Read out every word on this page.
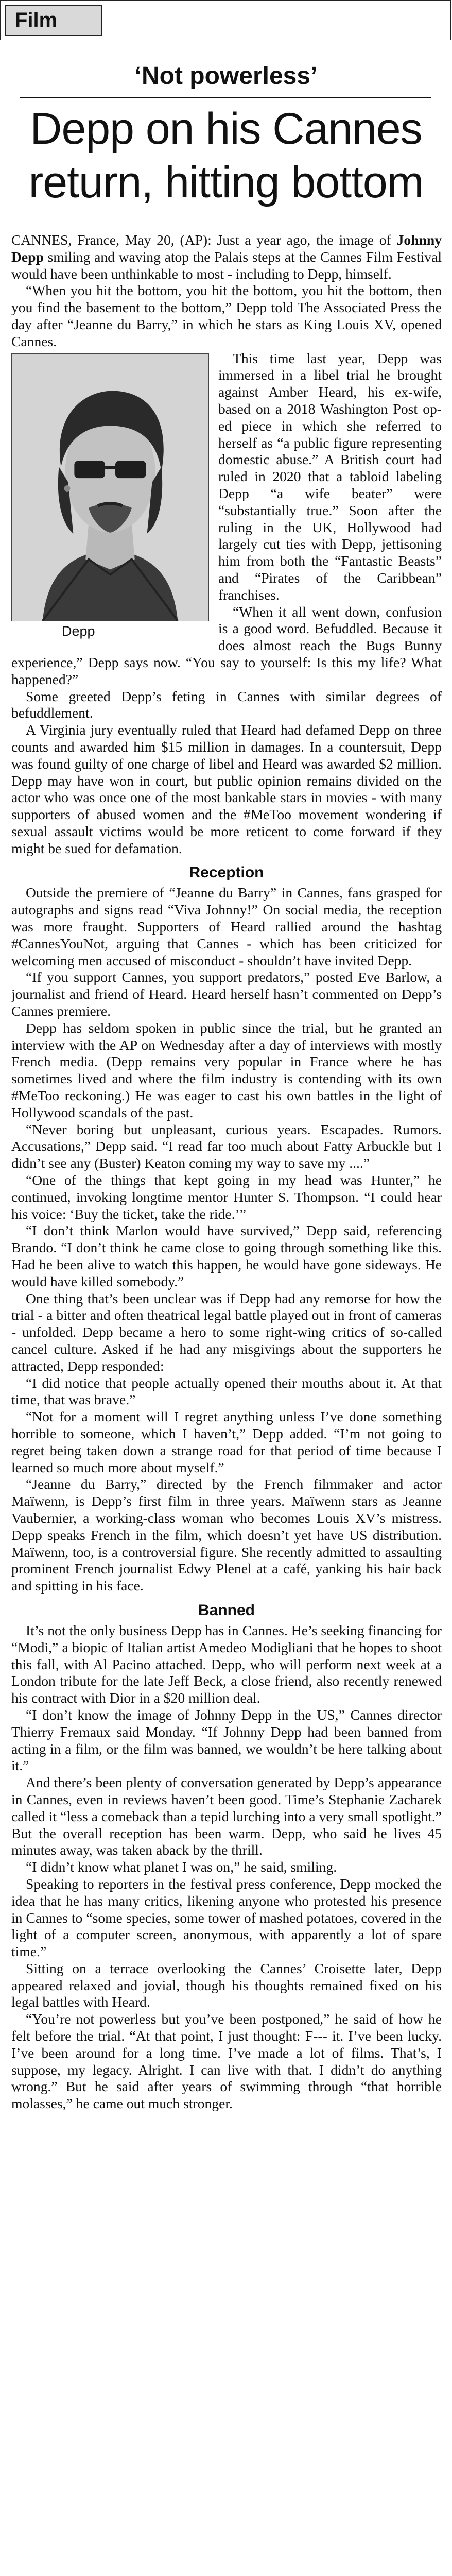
Film
‘Not powerless’
Depp on his Cannes return, hitting bottom

CANNES, France, May 20, (AP): Just a year ago, the image of Johnny Depp smiling and waving atop the Palais steps at the Cannes Film Festival would have been unthinkable to most - including to Depp, himself.

“When you hit the bottom, you hit the bottom, you hit the bottom, then you find the basement to the bottom,” Depp told The Associated Press the day after “Jeanne du Barry,” in which he stars as King Louis XV, opened Cannes.

Depp
This time last year, Depp was immersed in a libel trial he brought against Amber Heard, his ex-wife, based on a 2018 Washington Post op-ed piece in which she referred to herself as “a public figure representing domestic abuse.” A British court had ruled in 2020 that a tabloid labeling Depp “a wife beater” were “substantially true.” Soon after the ruling in the UK, Hollywood had largely cut ties with Depp, jettisoning him from both the “Fantastic Beasts” and “Pirates of the Caribbean” franchises.

“When it all went down, confusion is a good word. Befuddled. Because it does almost reach the Bugs Bunny experience,” Depp says now. “You say to yourself: Is this my life? What happened?”

Some greeted Depp’s feting in Cannes with similar degrees of befuddlement.

A Virginia jury eventually ruled that Heard had defamed Depp on three counts and awarded him $15 million in damages. In a countersuit, Depp was found guilty of one charge of libel and Heard was awarded $2 million. Depp may have won in court, but public opinion remains divided on the actor who was once one of the most bankable stars in movies - with many supporters of abused women and the #MeToo movement wondering if sexual assault victims would be more reticent to come forward if they might be sued for defamation.

Reception

Outside the premiere of “Jeanne du Barry” in Cannes, fans grasped for autographs and signs read “Viva Johnny!” On social media, the reception was more fraught. Supporters of Heard rallied around the hashtag #CannesYouNot, arguing that Cannes - which has been criticized for welcoming men accused of misconduct - shouldn’t have invited Depp.

“If you support Cannes, you support predators,” posted Eve Barlow, a journalist and friend of Heard. Heard herself hasn’t commented on Depp’s Cannes premiere.

Depp has seldom spoken in public since the trial, but he granted an interview with the AP on Wednesday after a day of interviews with mostly French media. (Depp remains very popular in France where he has sometimes lived and where the film industry is contending with its own #MeToo reckoning.) He was eager to cast his own battles in the light of Hollywood scandals of the past.

“Never boring but unpleasant, curious years. Escapades. Rumors. Accusations,” Depp said. “I read far too much about Fatty Arbuckle but I didn’t see any (Buster) Keaton coming my way to save my ....”

“One of the things that kept going in my head was Hunter,” he continued, invoking longtime mentor Hunter S. Thompson. “I could hear his voice: ‘Buy the ticket, take the ride.’”

“I don’t think Marlon would have survived,” Depp said, referencing Brando. “I don’t think he came close to going through something like this. Had he been alive to watch this happen, he would have gone sideways. He would have killed somebody.”

One thing that’s been unclear was if Depp had any remorse for how the trial - a bitter and often theatrical legal battle played out in front of cameras - unfolded. Depp became a hero to some right-wing critics of so-called cancel culture. Asked if he had any misgivings about the supporters he attracted, Depp responded:

“I did notice that people actually opened their mouths about it. At that time, that was brave.”

“Not for a moment will I regret anything unless I’ve done something horrible to someone, which I haven’t,” Depp added. “I’m not going to regret being taken down a strange road for that period of time because I learned so much more about myself.”

“Jeanne du Barry,” directed by the French filmmaker and actor Maïwenn, is Depp’s first film in three years. Maïwenn stars as Jeanne Vaubernier, a working-class woman who becomes Louis XV’s mistress. Depp speaks French in the film, which doesn’t yet have US distribution. Maïwenn, too, is a controversial figure. She recently admitted to assaulting prominent French journalist Edwy Plenel at a café, yanking his hair back and spitting in his face.

Banned

It’s not the only business Depp has in Cannes. He’s seeking financing for “Modi,” a biopic of Italian artist Amedeo Modigliani that he hopes to shoot this fall, with Al Pacino attached. Depp, who will perform next week at a London tribute for the late Jeff Beck, a close friend, also recently renewed his contract with Dior in a $20 million deal.

“I don’t know the image of Johnny Depp in the US,” Cannes director Thierry Fremaux said Monday. “If Johnny Depp had been banned from acting in a film, or the film was banned, we wouldn’t be here talking about it.”

And there’s been plenty of conversation generated by Depp’s appearance in Cannes, even in reviews haven’t been good. Time’s Stephanie Zacharek called it “less a comeback than a tepid lurching into a very small spotlight.” But the overall reception has been warm. Depp, who said he lives 45 minutes away, was taken aback by the thrill.

“I didn’t know what planet I was on,” he said, smiling.

Speaking to reporters in the festival press conference, Depp mocked the idea that he has many critics, likening anyone who protested his presence in Cannes to “some species, some tower of mashed potatoes, covered in the light of a computer screen, anonymous, with apparently a lot of spare time.”

Sitting on a terrace overlooking the Cannes’ Croisette later, Depp appeared relaxed and jovial, though his thoughts remained fixed on his legal battles with Heard.

“You’re not powerless but you’ve been postponed,” he said of how he felt before the trial. “At that point, I just thought: F--- it. I’ve been lucky. I’ve been around for a long time. I’ve made a lot of films. That’s, I suppose, my legacy. Alright. I can live with that. I didn’t do anything wrong.” But he said after years of swimming through “that horrible molasses,” he came out much stronger.
